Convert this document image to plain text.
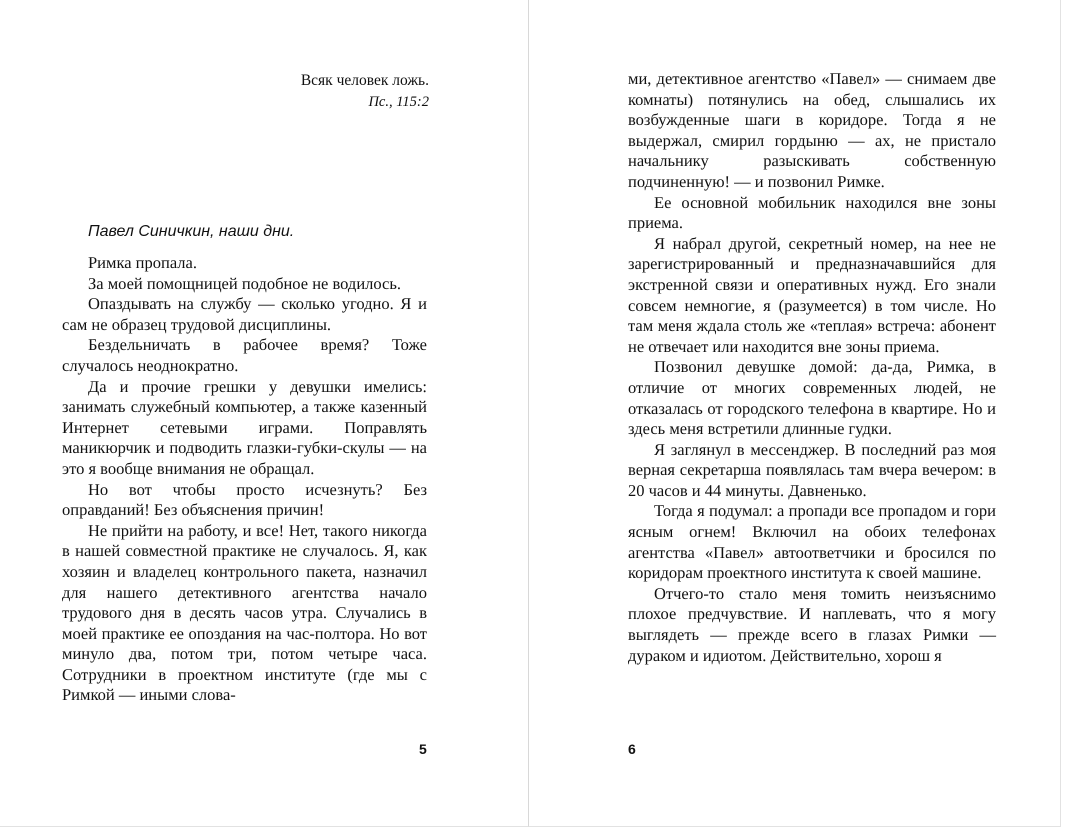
Всяк человек ложь.

Пс., 115:2

Павел Синичкин, наши дни.

Римка пропала.

За моей помощницей подобное не водилось.

Опаздывать на службу — сколько угодно. Я и сам не образец трудовой дисциплины.

Бездельничать в рабочее время? Тоже случалось неоднократно.

Да и прочие грешки у девушки имелись: занимать служебный компьютер, а также казенный Интернет сетевыми играми. Поправлять маникюрчик и подводить глазки-губки-скулы — на это я вообще внимания не обращал.

Но вот чтобы просто исчезнуть? Без оправданий! Без объяснения причин!

Не прийти на работу, и все! Нет, такого никогда в нашей совместной практике не случалось. Я, как хозяин и владелец контрольного пакета, назначил для нашего детективного агентства начало трудового дня в десять часов утра. Случались в моей практике ее опоздания на час-полтора. Но вот минуло два, потом три, потом четыре часа. Сотрудники в проектном институте (где мы с Римкой — иными слова-

5

ми, детективное агентство «Павел» — снимаем две комнаты) потянулись на обед, слышались их возбужденные шаги в коридоре. Тогда я не выдержал, смирил гордыню — ах, не пристало начальнику разыскивать собственную подчиненную! — и позвонил Римке.

Ее основной мобильник находился вне зоны приема.

Я набрал другой, секретный номер, на нее не зарегистрированный и предназначавшийся для экстренной связи и оперативных нужд. Его знали совсем немногие, я (разумеется) в том числе. Но там меня ждала столь же «теплая» встреча: абонент не отвечает или находится вне зоны приема.

Позвонил девушке домой: да-да, Римка, в отличие от многих современных людей, не отказалась от городского телефона в квартире. Но и здесь меня встретили длинные гудки.

Я заглянул в мессенджер. В последний раз моя верная секретарша появлялась там вчера вечером: в 20 часов и 44 минуты. Давненько.

Тогда я подумал: а пропади все пропадом и гори ясным огнем! Включил на обоих телефонах агентства «Павел» автоответчики и бросился по коридорам проектного института к своей машине.

Отчего-то стало меня томить неизъяснимо плохое предчувствие. И наплевать, что я могу выглядеть — прежде всего в глазах Римки — дураком и идиотом. Действительно, хорош я

6
